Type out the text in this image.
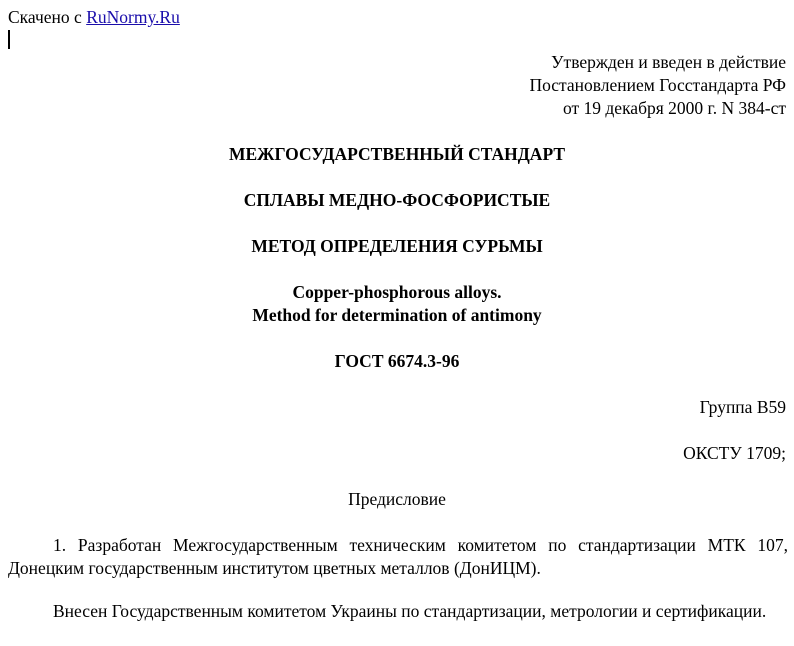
Скачено с RuNormy.Ru
Утвержден и введен в действие
Постановлением Госстандарта РФ
от 19 декабря 2000 г. N 384-ст
МЕЖГОСУДАРСТВЕННЫЙ СТАНДАРТ
СПЛАВЫ МЕДНО-ФОСФОРИСТЫЕ
МЕТОД ОПРЕДЕЛЕНИЯ СУРЬМЫ
Copper-phosphorous alloys.
Method for determination of antimony
ГОСТ 6674.3-96
Группа В59
ОКСТУ 1709;
Предисловие
1. Разработан Межгосударственным техническим комитетом по стандартизации МТК 107, Донецким государственным институтом цветных металлов (ДонИЦМ).
Внесен Государственным комитетом Украины по стандартизации, метрологии и сертификации.
